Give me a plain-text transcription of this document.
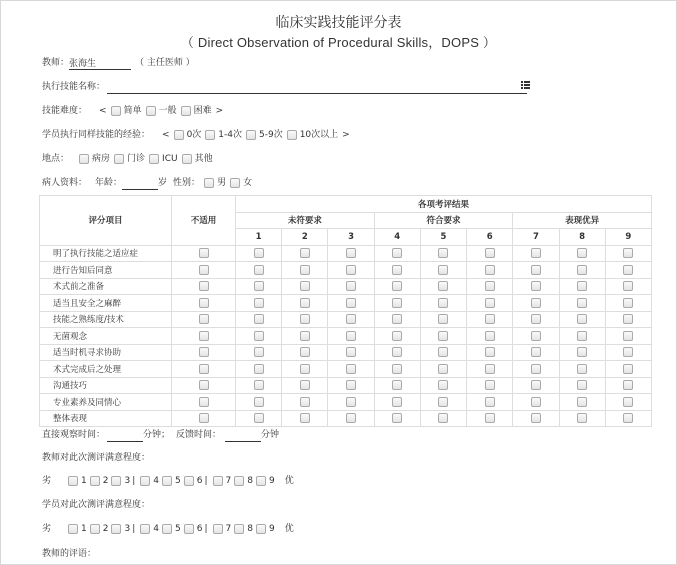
临床实践技能评分表
（ Direct Observation of Procedural Skills，DOPS ）
教师： 张海生	（ 主任医师 ）
执行技能名称：
技能难度： < 简单 一般 困难 >
学员执行同样技能的经验： < 0次 1-4次 5-9次 10次以上 >
地点：	病房 门诊 ICU 其他
病人资料： 年龄：	岁 性别： 男 女
评分项目	不适用	各项考评结果								
		未符要求			符合要求			表现优异		
		1	2	3	4	5	6	7	8	9
明了执行技能之适应症	

进行告知后同意	

术式前之准备	

适当且安全之麻醉	

技能之熟练度/技术	

无菌观念	

适当时机寻求协助	

术式完成后之处理	

沟通技巧	

专业素养及同情心	

整体表现	

直接观察时间：	分钟； 反馈时间：	分钟
教师对此次测评满意程度：
劣	1 2 3 | 4 5 6 | 7 8 9 优
学员对此次测评满意程度：
劣	1 2 3 | 4 5 6 | 7 8 9 优
教师的评语：
